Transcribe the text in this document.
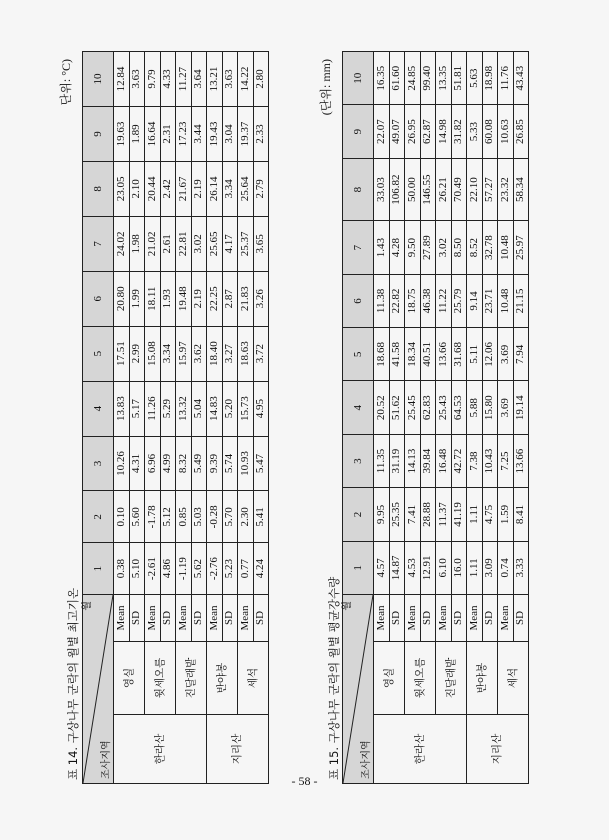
표 14. 구상나무 군락의 월별 최고기온
단위: °C)
조사지역
월			1	2	3	4	5	6	7	8	9	10
한라산	영실	Mean	0.38	0.10	10.26	13.83	17.51	20.80	24.02	23.05	19.63	12.84
		SD	5.10	5.60	4.31	5.17	2.99	1.99	1.98	2.10	1.89	3.63
	윗세오름	Mean	-2.61	-1.78	6.96	11.26	15.08	18.11	21.02	20.44	16.64	9.79
		SD	4.86	5.12	4.99	5.29	3.34	1.93	2.61	2.42	2.31	4.33
	진달래밭	Mean	-1.19	0.85	8.32	13.32	15.97	19.48	22.81	21.67	17.23	11.27
		SD	5.62	5.03	5.49	5.04	3.62	2.19	3.02	2.19	3.44	3.64
지리산	반야봉	Mean	-2.76	-0.28	9.39	14.83	18.40	22.25	25.65	26.14	19.43	13.21
		SD	5.23	5.70	5.74	5.20	3.27	2.87	4.17	3.34	3.04	3.63
	세석	Mean	0.77	2.30	10.93	15.73	18.63	21.83	25.37	25.64	19.37	14.22
		SD	4.24	5.41	5.47	4.95	3.72	3.26	3.65	2.79	2.33	2.80
표 15. 구상나무 군락의 월별 평균강수량
(단위: mm)
조사지역
월			1	2	3	4	5	6	7	8	9	10
한라산	영실	Mean	4.57	9.95	11.35	20.52	18.68	11.38	1.43	33.03	22.07	16.35
		SD	14.87	25.35	31.19	51.62	41.58	22.82	4.28	106.82	49.07	61.60
	윗세오름	Mean	4.53	7.41	14.13	25.45	18.34	18.75	9.50	50.00	26.95	24.85
		SD	12.91	28.88	39.84	62.83	40.51	46.38	27.89	146.55	62.87	99.40
	진달래밭	Mean	6.10	11.37	16.48	25.43	13.66	11.22	3.02	26.21	14.98	13.35
		SD	16.0	41.19	42.72	64.53	31.68	25.79	8.50	70.49	31.82	51.81
지리산	반야봉	Mean	1.11	1.11	7.38	5.88	5.11	9.14	8.52	22.10	5.33	5.63
		SD	3.09	4.75	10.43	15.80	12.06	23.71	32.78	57.27	60.08	18.98
	세석	Mean	0.74	1.59	7.25	3.69	3.69	10.48	10.48	23.32	10.63	11.76
		SD	3.33	8.41	13.66	19.14	7.94	21.15	25.97	58.34	26.85	43.43
- 58 -
